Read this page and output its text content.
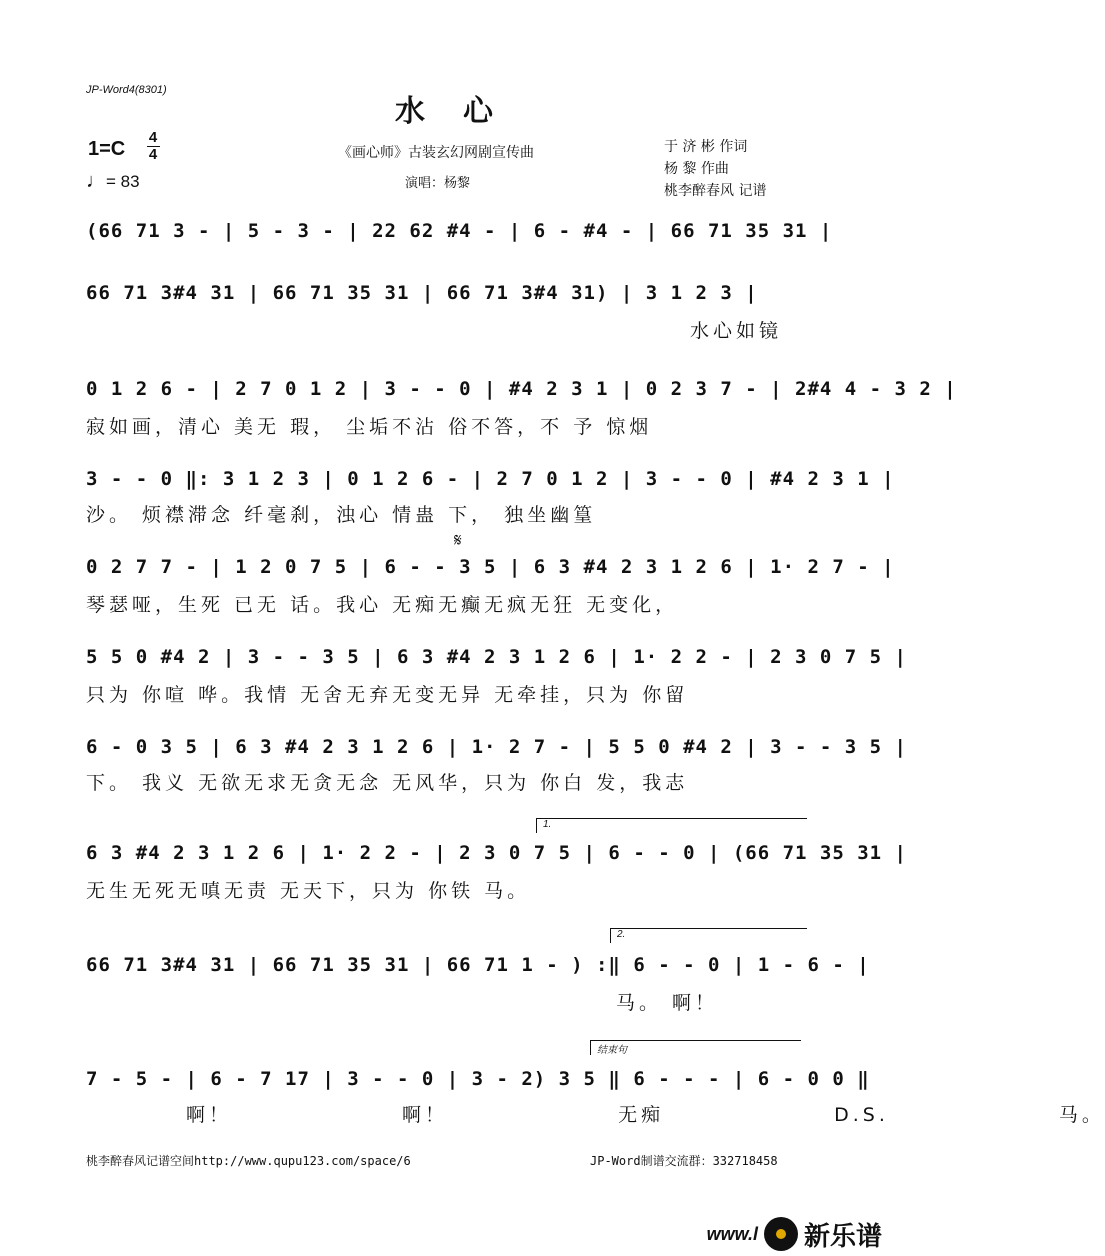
JP-Word4(8301)
水心
1=C
4
4
♩= 83
《画心师》古装玄幻网剧宣传曲
演唱：杨黎
于 济 彬 作词
杨 黎 作曲
桃李醉春风 记谱
(66 71 3 - | 5 - 3 - | 22 62 #4 - | 6 - #4 - | 66 71 35 31 |
66 71 3#4 31 | 66 71 35 31 | 66 71 3#4 31) | 3 1 2 3 |
水心如镜
0 1 2 6 - | 2 7 0 1 2 | 3 - - 0 | #4 2 3 1 | 0 2 3 7 - | 2#4 4 - 3 2 |
寂如画，清心 美无 瑕， 尘垢不沾 俗不答，不 予 惊烟
3 - - 0 ‖: 3 1 2 3 | 0 1 2 6 - | 2 7 0 1 2 | 3 - - 0 | #4 2 3 1 |
沙。 烦襟滞念 纤毫刹，浊心 情蛊 下， 独坐幽篁
𝄋
0 2 7 7 - | 1 2 0 7 5 | 6 - - 3 5 | 6 3 #4 2 3 1 2 6 | 1· 2 7 - |
琴瑟哑，生死 已无 话。我心 无痴无癫无疯无狂 无变化，
5 5 0 #4 2 | 3 - - 3 5 | 6 3 #4 2 3 1 2 6 | 1· 2 2 - | 2 3 0 7 5 |
只为 你喧 哗。我情 无舍无弃无变无异 无牵挂，只为 你留
6 - 0 3 5 | 6 3 #4 2 3 1 2 6 | 1· 2 7 - | 5 5 0 #4 2 | 3 - - 3 5 |
下。 我义 无欲无求无贪无念 无风华，只为 你白 发，我志
1.
6 3 #4 2 3 1 2 6 | 1· 2 2 - | 2 3 0 7 5 | 6 - - 0 | (66 71 35 31 |
无生无死无嗔无责 无天下，只为 你铁 马。
2.
66 71 3#4 31 | 66 71 35 31 | 66 71 1 - ) :‖ 6 - - 0 | 1 - 6 - |
马。 啊！
结束句
7 - 5 - | 6 - 7 17 | 3 - - 0 | 3 - 2) 3 5 ‖ 6 - - - | 6 - 0 0 ‖
啊！ 啊！ 无痴 D.S. 马。
桃李醉春风记谱空间http://www.qupu123.com/space/6	JP-Word制谱交流群：332718458
www.l 新乐谱
